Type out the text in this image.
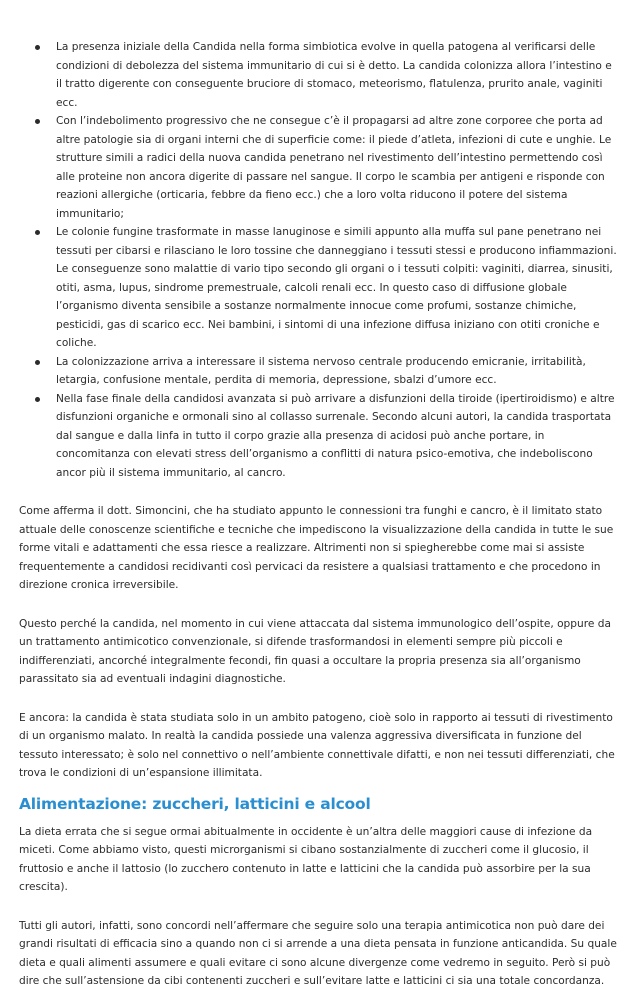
La presenza iniziale della Candida nella forma simbiotica evolve in quella patogena al verificarsi delle condizioni di debolezza del sistema immunitario di cui si è detto. La candida colonizza allora l’intestino e il tratto digerente con conseguente bruciore di stomaco, meteorismo, flatulenza, prurito anale, vaginiti ecc.
Con l’indebolimento progressivo che ne consegue c’è il propagarsi ad altre zone corporee che porta ad altre patologie sia di organi interni che di superficie come: il piede d’atleta, infezioni di cute e unghie. Le strutture simili a radici della nuova candida penetrano nel rivestimento dell’intestino permettendo così alle proteine non ancora digerite di passare nel sangue. Il corpo le scambia per antigeni e risponde con reazioni allergiche (orticaria, febbre da fieno ecc.) che a loro volta riducono il potere del sistema immunitario;
Le colonie fungine trasformate in masse lanuginose e simili appunto alla muffa sul pane penetrano nei tessuti per cibarsi e rilasciano le loro tossine che danneggiano i tessuti stessi e producono infiammazioni. Le conseguenze sono malattie di vario tipo secondo gli organi o i tessuti colpiti: vaginiti, diarrea, sinusiti, otiti, asma, lupus, sindrome premestruale, calcoli renali ecc. In questo caso di diffusione globale l’organismo diventa sensibile a sostanze normalmente innocue come profumi, sostanze chimiche, pesticidi, gas di scarico ecc. Nei bambini, i sintomi di una infezione diffusa iniziano con otiti croniche e coliche.
La colonizzazione arriva a interessare il sistema nervoso centrale producendo emicranie, irritabilità, letargia, confusione mentale, perdita di memoria, depressione, sbalzi d’umore ecc.
Nella fase finale della candidosi avanzata si può arrivare a disfunzioni della tiroide (ipertiroidismo) e altre disfunzioni organiche e ormonali sino al collasso surrenale. Secondo alcuni autori, la candida trasportata dal sangue e dalla linfa in tutto il corpo grazie alla presenza di acidosi può anche portare, in concomitanza con elevati stress dell’organismo a conflitti di natura psico-emotiva, che indeboliscono ancor più il sistema immunitario, al cancro.

Come afferma il dott. Simoncini, che ha studiato appunto le connessioni tra funghi e cancro, è il limitato stato attuale delle conoscenze scientifiche e tecniche che impediscono la visualizzazione della candida in tutte le sue forme vitali e adattamenti che essa riesce a realizzare. Altrimenti non si spiegherebbe come mai si assiste frequentemente a candidosi recidivanti così pervicaci da resistere a qualsiasi trattamento e che procedono in direzione cronica irreversibile.

Questo perché la candida, nel momento in cui viene attaccata dal sistema immunologico dell’ospite, oppure da un trattamento antimicotico convenzionale, si difende trasformandosi in elementi sempre più piccoli e indifferenziati, ancorché integralmente fecondi, fin quasi a occultare la propria presenza sia all’organismo parassitato sia ad eventuali indagini diagnostiche.

E ancora: la candida è stata studiata solo in un ambito patogeno, cioè solo in rapporto ai tessuti di rivestimento di un organismo malato. In realtà la candida possiede una valenza aggressiva diversificata in funzione del tessuto interessato; è solo nel connettivo o nell’ambiente connettivale difatti, e non nei tessuti differenziati, che trova le condizioni di un’espansione illimitata.

Alimentazione: zuccheri, latticini e alcool

La dieta errata che si segue ormai abitualmente in occidente è un’altra delle maggiori cause di infezione da miceti. Come abbiamo visto, questi microrganismi si cibano sostanzialmente di zuccheri come il glucosio, il fruttosio e anche il lattosio (lo zucchero contenuto in latte e latticini che la candida può assorbire per la sua crescita).

Tutti gli autori, infatti, sono concordi nell’affermare che seguire solo una terapia antimicotica non può dare dei grandi risultati di efficacia sino a quando non ci si arrende a una dieta pensata in funzione anticandida. Su quale dieta e quali alimenti assumere e quali evitare ci sono alcune divergenze come vedremo in seguito. Però si può dire che sull’astensione da cibi contenenti zuccheri e sull’evitare latte e latticini ci sia una totale concordanza.
